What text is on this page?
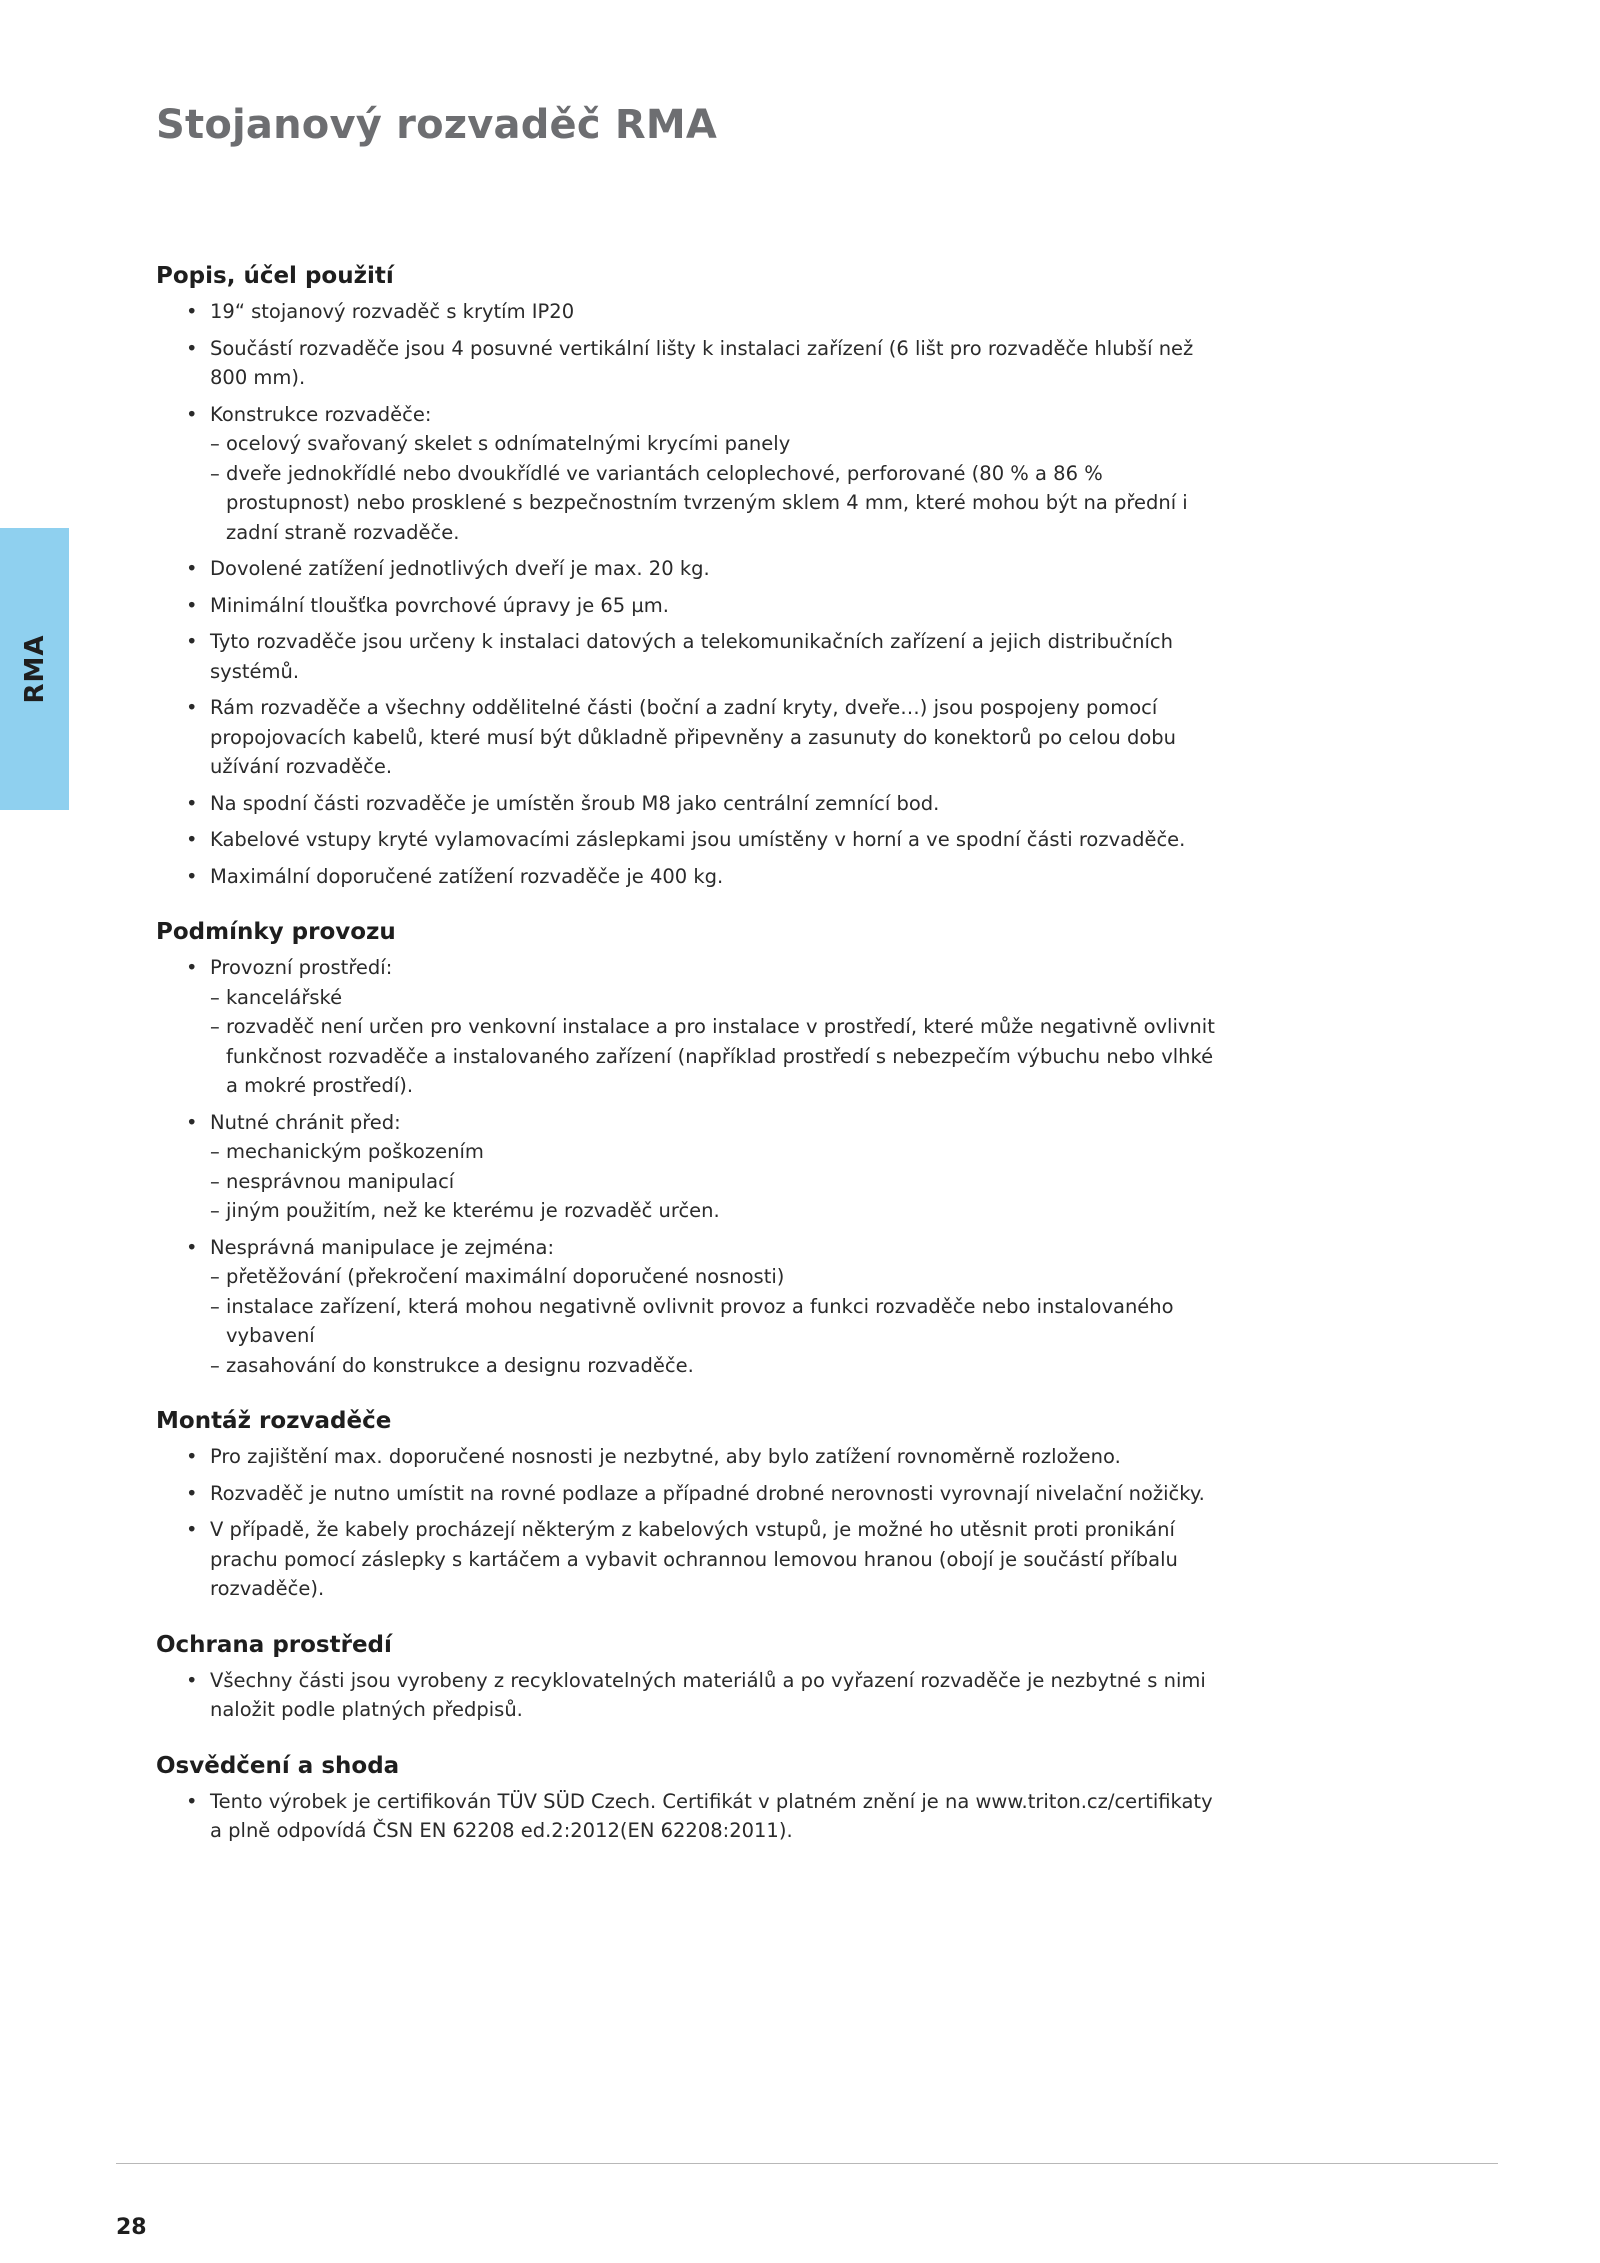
Stojanový rozvaděč RMA
RMA
Popis, účel použití
• 19“ stojanový rozvaděč s krytím IP20
• Součástí rozvaděče jsou 4 posuvné vertikální lišty k instalaci zařízení (6 lišt pro rozvaděče hlubší než 800 mm).
• Konstrukce rozvaděče:
– ocelový svařovaný skelet s odnímatelnými krycími panely
– dveře jednokřídlé nebo dvoukřídlé ve variantách celoplechové, perforované (80 % a 86 % prostupnost) nebo prosklené s bezpečnostním tvrzeným sklem 4 mm, které mohou být na přední i zadní straně rozvaděče.
• Dovolené zatížení jednotlivých dveří je max. 20 kg.
• Minimální tloušťka povrchové úpravy je 65 µm.
• Tyto rozvaděče jsou určeny k instalaci datových a telekomunikačních zařízení a jejich distribučních systémů.
• Rám rozvaděče a všechny oddělitelné části (boční a zadní kryty, dveře…) jsou pospojeny pomocí propojovacích kabelů, které musí být důkladně připevněny a zasunuty do konektorů po celou dobu užívání rozvaděče.
• Na spodní části rozvaděče je umístěn šroub M8 jako centrální zemnící bod.
• Kabelové vstupy kryté vylamovacími záslepkami jsou umístěny v horní a ve spodní části rozvaděče.
• Maximální doporučené zatížení rozvaděče je 400 kg.
Podmínky provozu
• Provozní prostředí:
– kancelářské
– rozvaděč není určen pro venkovní instalace a pro instalace v prostředí, které může negativně ovlivnit funkčnost rozvaděče a instalovaného zařízení (například prostředí s nebezpečím výbuchu nebo vlhké a mokré prostředí).
• Nutné chránit před:
– mechanickým poškozením
– nesprávnou manipulací
– jiným použitím, než ke kterému je rozvaděč určen.
• Nesprávná manipulace je zejména:
– přetěžování (překročení maximální doporučené nosnosti)
– instalace zařízení, která mohou negativně ovlivnit provoz a funkci rozvaděče nebo instalovaného vybavení
– zasahování do konstrukce a designu rozvaděče.
Montáž rozvaděče
• Pro zajištění max. doporučené nosnosti je nezbytné, aby bylo zatížení rovnoměrně rozloženo.
• Rozvaděč je nutno umístit na rovné podlaze a případné drobné nerovnosti vyrovnají nivelační nožičky.
• V případě, že kabely procházejí některým z kabelových vstupů, je možné ho utěsnit proti pronikání prachu pomocí záslepky s kartáčem a vybavit ochrannou lemovou hranou (obojí je součástí příbalu rozvaděče).
Ochrana prostředí
• Všechny části jsou vyrobeny z recyklovatelných materiálů a po vyřazení rozvaděče je nezbytné s nimi naložit podle platných předpisů.
Osvědčení a shoda
• Tento výrobek je certifikován TÜV SÜD Czech. Certifikát v platném znění je na www.triton.cz/certifikaty a plně odpovídá ČSN EN 62208 ed.2:2012(EN 62208:2011).
28
